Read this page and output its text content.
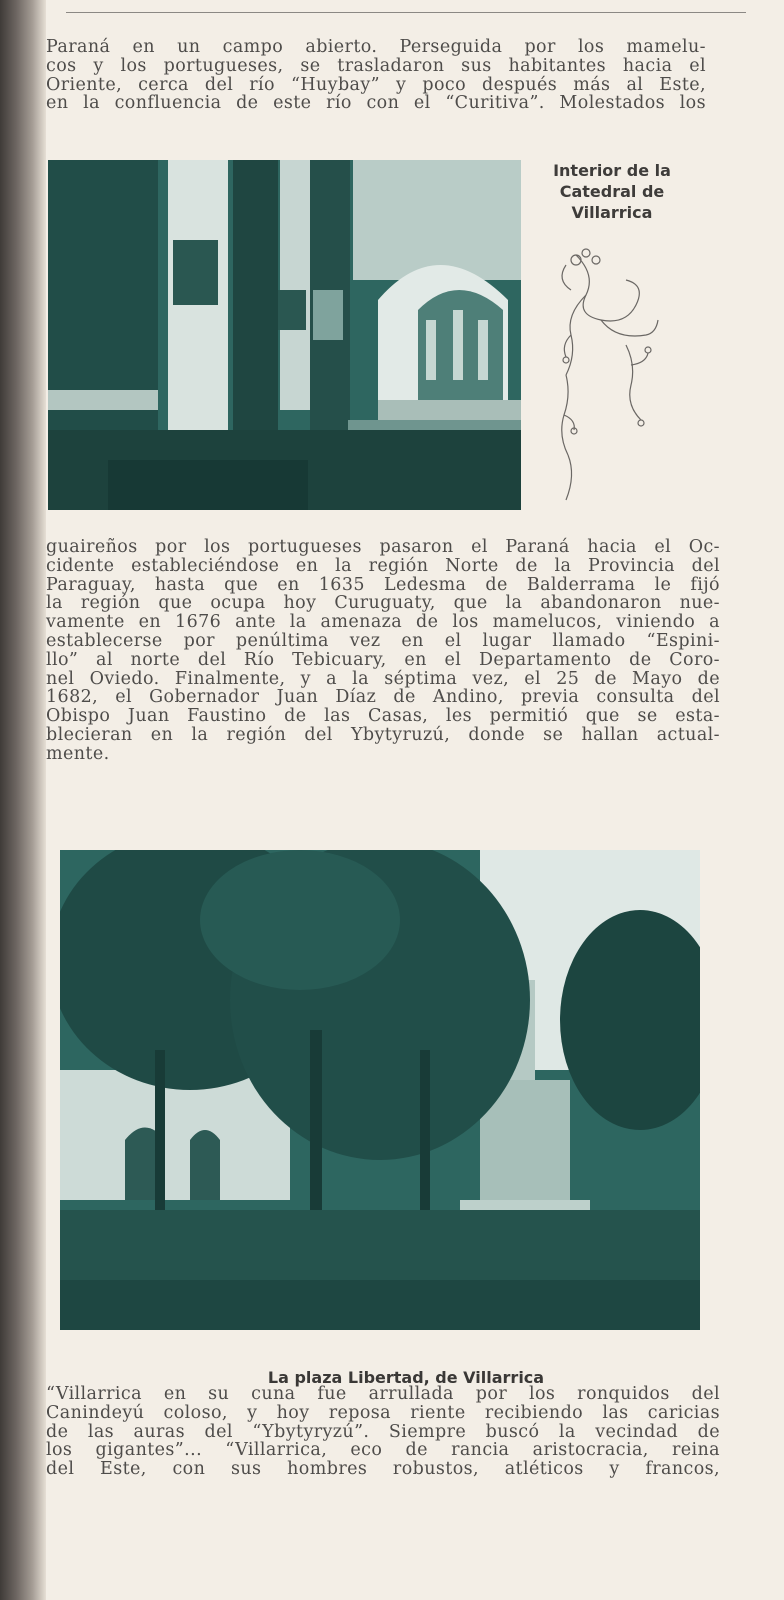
Paraná en un campo abierto. Perseguida por los mamelu-
cos y los portugueses, se trasladaron sus habitantes hacia el
Oriente, cerca del río “Huybay” y poco después más al Este,
en la confluencia de este río con el “Curitiva”. Molestados los
Interior de la
Catedral de
Villarrica
guaireños por los portugueses pasaron el Paraná hacia el Oc-
cidente estableciéndose en la región Norte de la Provincia del
Paraguay, hasta que en 1635 Ledesma de Balderrama le fijó
la región que ocupa hoy Curuguaty, que la abandonaron nue-
vamente en 1676 ante la amenaza de los mamelucos, viniendo a
establecerse por penúltima vez en el lugar llamado “Espini-
llo” al norte del Río Tebicuary, en el Departamento de Coro-
nel Oviedo. Finalmente, y a la séptima vez, el 25 de Mayo de
1682, el Gobernador Juan Díaz de Andino, previa consulta del
Obispo Juan Faustino de las Casas, les permitió que se esta-
blecieran en la región del Ybytyruzú, donde se hallan actual-
mente.
La plaza Libertad, de Villarrica
“Villarrica en su cuna fue arrullada por los ronquidos del
Canindeyú coloso, y hoy reposa riente recibiendo las caricias
de las auras del “Ybytyryzú”. Siempre buscó la vecindad de
los gigantes”... “Villarrica, eco de rancia aristocracia, reina
del Este, con sus hombres robustos, atléticos y francos,
